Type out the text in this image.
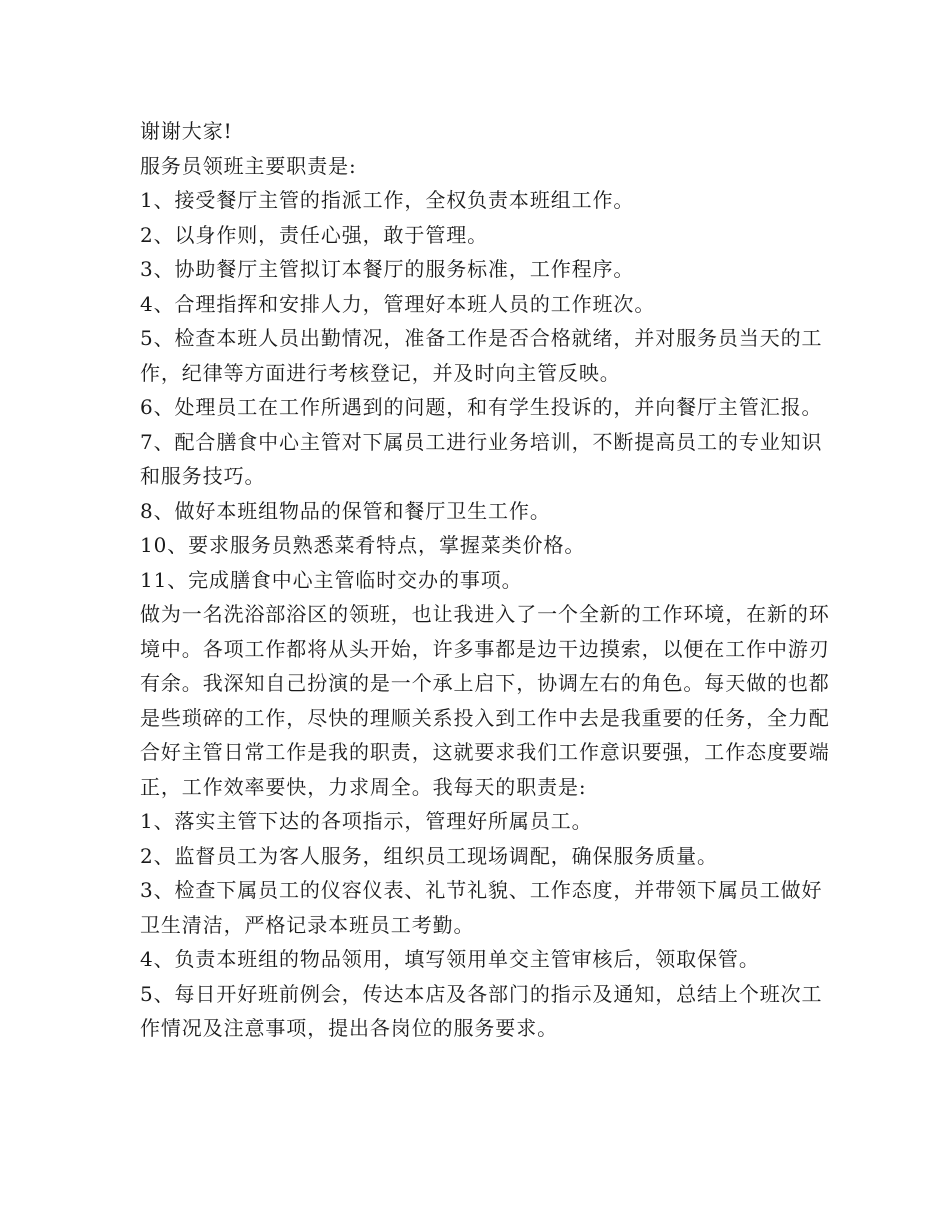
谢谢大家!

服务员领班主要职责是:

1、接受餐厅主管的指派工作，全权负责本班组工作。

2、以身作则，责任心强，敢于管理。

3、协助餐厅主管拟订本餐厅的服务标准，工作程序。

4、合理指挥和安排人力，管理好本班人员的工作班次。

5、检查本班人员出勤情况，准备工作是否合格就绪，并对服务员当天的工作，纪律等方面进行考核登记，并及时向主管反映。

6、处理员工在工作所遇到的问题，和有学生投诉的，并向餐厅主管汇报。

7、配合膳食中心主管对下属员工进行业务培训，不断提高员工的专业知识和服务技巧。

8、做好本班组物品的保管和餐厅卫生工作。

10、要求服务员熟悉菜肴特点，掌握菜类价格。

11、完成膳食中心主管临时交办的事项。

做为一名洗浴部浴区的领班，也让我进入了一个全新的工作环境，在新的环境中。各项工作都将从头开始，许多事都是边干边摸索，以便在工作中游刃有余。我深知自己扮演的是一个承上启下，协调左右的角色。每天做的也都是些琐碎的工作，尽快的理顺关系投入到工作中去是我重要的任务，全力配合好主管日常工作是我的职责，这就要求我们工作意识要强，工作态度要端正，工作效率要快，力求周全。我每天的职责是:

1、落实主管下达的各项指示，管理好所属员工。

2、监督员工为客人服务，组织员工现场调配，确保服务质量。

3、检查下属员工的仪容仪表、礼节礼貌、工作态度，并带领下属员工做好卫生清洁，严格记录本班员工考勤。

4、负责本班组的物品领用，填写领用单交主管审核后，领取保管。

5、每日开好班前例会，传达本店及各部门的指示及通知，总结上个班次工作情况及注意事项，提出各岗位的服务要求。
